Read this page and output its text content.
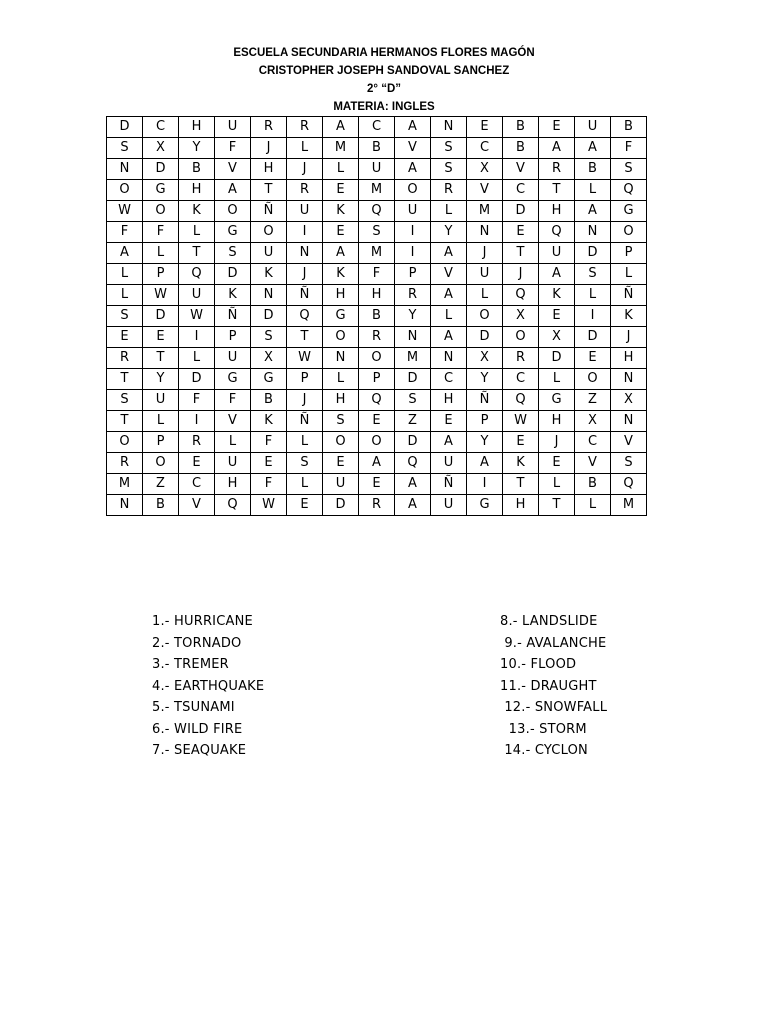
ESCUELA SECUNDARIA HERMANOS FLORES MAGÓN
CRISTOPHER JOSEPH SANDOVAL SANCHEZ
2° “D”
MATERIA: INGLES
D	C	H	U	R	R	A	C	A	N	E	B	E	U	B
S	X	Y	F	J	L	M	B	V	S	C	B	A	A	F
N	D	B	V	H	J	L	U	A	S	X	V	R	B	S
O	G	H	A	T	R	E	M	O	R	V	C	T	L	Q
W	O	K	O	Ñ	U	K	Q	U	L	M	D	H	A	G
F	F	L	G	O	I	E	S	I	Y	N	E	Q	N	O
A	L	T	S	U	N	A	M	I	A	J	T	U	D	P
L	P	Q	D	K	J	K	F	P	V	U	J	A	S	L
L	W	U	K	N	Ñ	H	H	R	A	L	Q	K	L	Ñ
S	D	W	Ñ	D	Q	G	B	Y	L	O	X	E	I	K
E	E	I	P	S	T	O	R	N	A	D	O	X	D	J
R	T	L	U	X	W	N	O	M	N	X	R	D	E	H
T	Y	D	G	G	P	L	P	D	C	Y	C	L	O	N
S	U	F	F	B	J	H	Q	S	H	Ñ	Q	G	Z	X
T	L	I	V	K	Ñ	S	E	Z	E	P	W	H	X	N
O	P	R	L	F	L	O	O	D	A	Y	E	J	C	V
R	O	E	U	E	S	E	A	Q	U	A	K	E	V	S
M	Z	C	H	F	L	U	E	A	Ñ	I	T	L	B	Q
N	B	V	Q	W	E	D	R	A	U	G	H	T	L	M
1.- HURRICANE
2.- TORNADO
3.- TREMER
4.- EARTHQUAKE
5.- TSUNAMI
6.- WILD FIRE
7.- SEAQUAKE
8.- LANDSLIDE
9.- AVALANCHE
10.- FLOOD
11.- DRAUGHT
12.- SNOWFALL
13.- STORM
14.- CYCLON
